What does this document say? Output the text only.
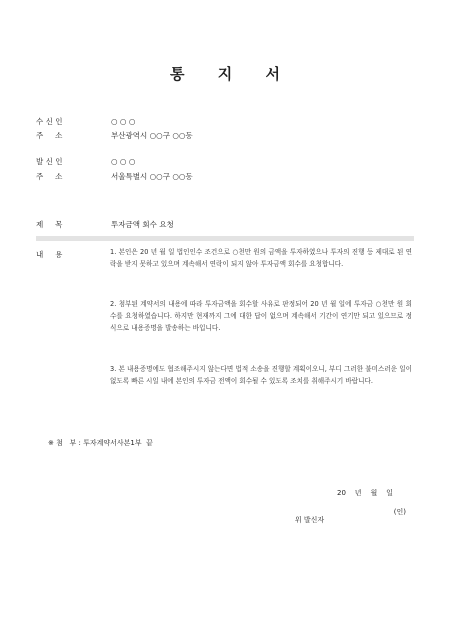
통 지 서
수 신 인	○ ○ ○
주     소	부산광역시 ○○구 ○○동
발 신 인	○ ○ ○
주     소	서울특별시 ○○구 ○○동
제     목	투자금액 회수 요청
내     용	1. 본인은 20 년 월 일 법인인수 조건으로 ○천만 원의 금액을 투자하였으나 투자의 진행 등 제대로 된 연락을 받지 못하고 있으며 계속해서 연락이 되지 않아 투자금액 회수를 요청합니다.

2. 첨부된 계약서의 내용에 따라 투자금액을 회수할 사유로 판정되어 20 년 월 일에 투자금 ○천만 원 회수를 요청하였습니다. 하지만 현재까지 그에 대한 답이 없으며 계속해서 기간이 연기만 되고 있으므로 정식으로 내용증명을 발송하는 바입니다.

3. 본 내용증명에도 협조해주시지 않는다면 법적 소송을 진행할 계획이오니, 부디 그러한 불미스러운 일이 없도록 빠른 시일 내에 본인의 투자금 전액이 회수될 수 있도록 조치를 취해주시기 바랍니다.

※ 첨   부 : 투자계약서사본1부  끝
20    년    월    일

위 발신자

(인)
